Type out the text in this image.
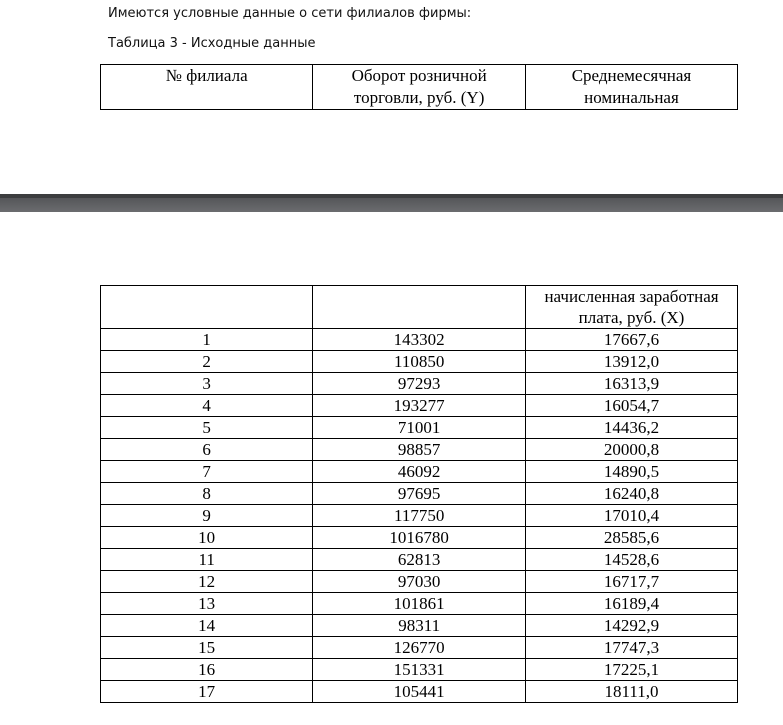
Имеются условные данные о сети филиалов фирмы:
Таблица 3 - Исходные данные
№ филиала	Оборот розничной торговли, руб. (Y)	Среднемесячная номинальная
		начисленная заработная плата, руб. (X)
1	143302	17667,6
2	110850	13912,0
3	97293	16313,9
4	193277	16054,7
5	71001	14436,2
6	98857	20000,8
7	46092	14890,5
8	97695	16240,8
9	117750	17010,4
10	1016780	28585,6
11	62813	14528,6
12	97030	16717,7
13	101861	16189,4
14	98311	14292,9
15	126770	17747,3
16	151331	17225,1
17	105441	18111,0
